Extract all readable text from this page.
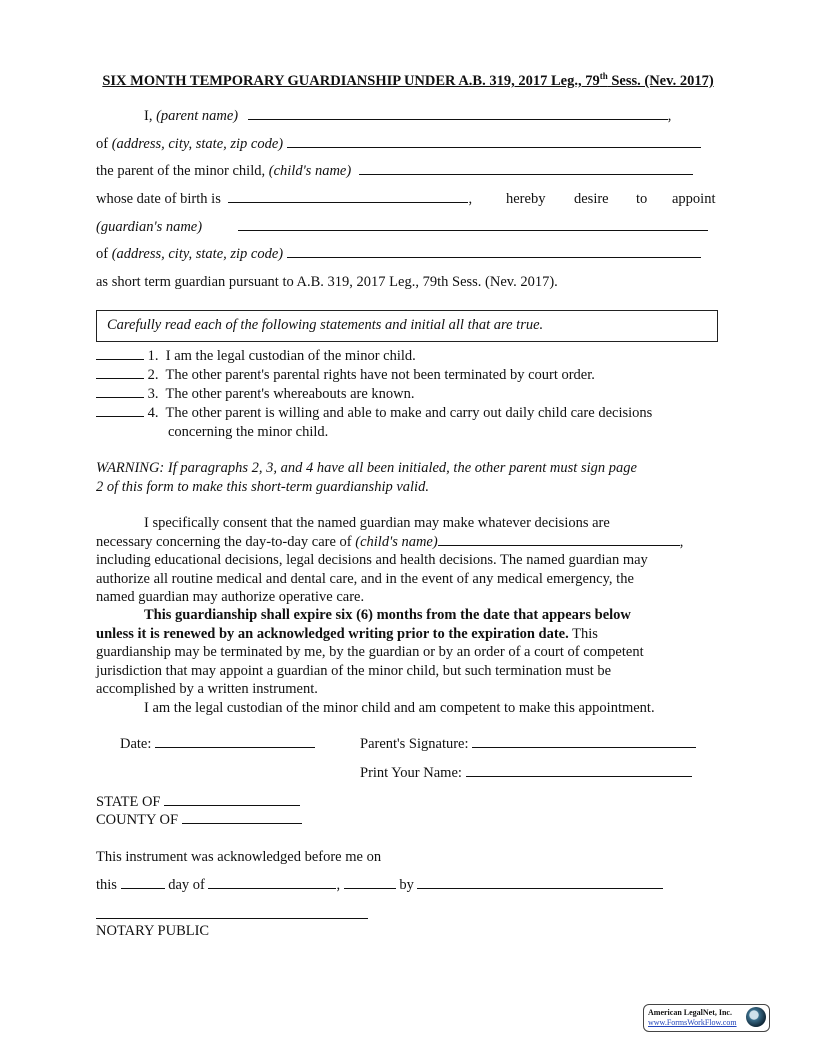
SIX MONTH TEMPORARY GUARDIANSHIP UNDER A.B. 319, 2017 Leg., 79th Sess. (Nev. 2017)
I, (parent name)	,
of (address, city, state, zip code)
the parent of the minor child, (child's name)
whose date of birth is	, hereby desire to appoint
(guardian's name)
of (address, city, state, zip code)
as short term guardian pursuant to A.B. 319, 2017 Leg., 79th Sess. (Nev. 2017).
Carefully read each of the following statements and initial all that are true.
1. I am the legal custodian of the minor child.
2. The other parent's parental rights have not been terminated by court order.
3. The other parent's whereabouts are known.
4. The other parent is willing and able to make and carry out daily child care decisions
concerning the minor child.
WARNING: If paragraphs 2, 3, and 4 have all been initialed, the other parent must sign page
2 of this form to make this short-term guardianship valid.
I specifically consent that the named guardian may make whatever decisions are
necessary concerning the day-to-day care of (child's name)	,
including educational decisions, legal decisions and health decisions. The named guardian may
authorize all routine medical and dental care, and in the event of any medical emergency, the
named guardian may authorize operative care.
This guardianship shall expire six (6) months from the date that appears below
unless it is renewed by an acknowledged writing prior to the expiration date. This
guardianship may be terminated by me, by the guardian or by an order of a court of competent
jurisdiction that may appoint a guardian of the minor child, but such termination must be
accomplished by a written instrument.
I am the legal custodian of the minor child and am competent to make this appointment.
Date:	Parent's Signature:
Print Your Name:
STATE OF
COUNTY OF
This instrument was acknowledged before me on
this	day of	,	by
NOTARY PUBLIC
American LegalNet, Inc.
www.FormsWorkFlow.com
